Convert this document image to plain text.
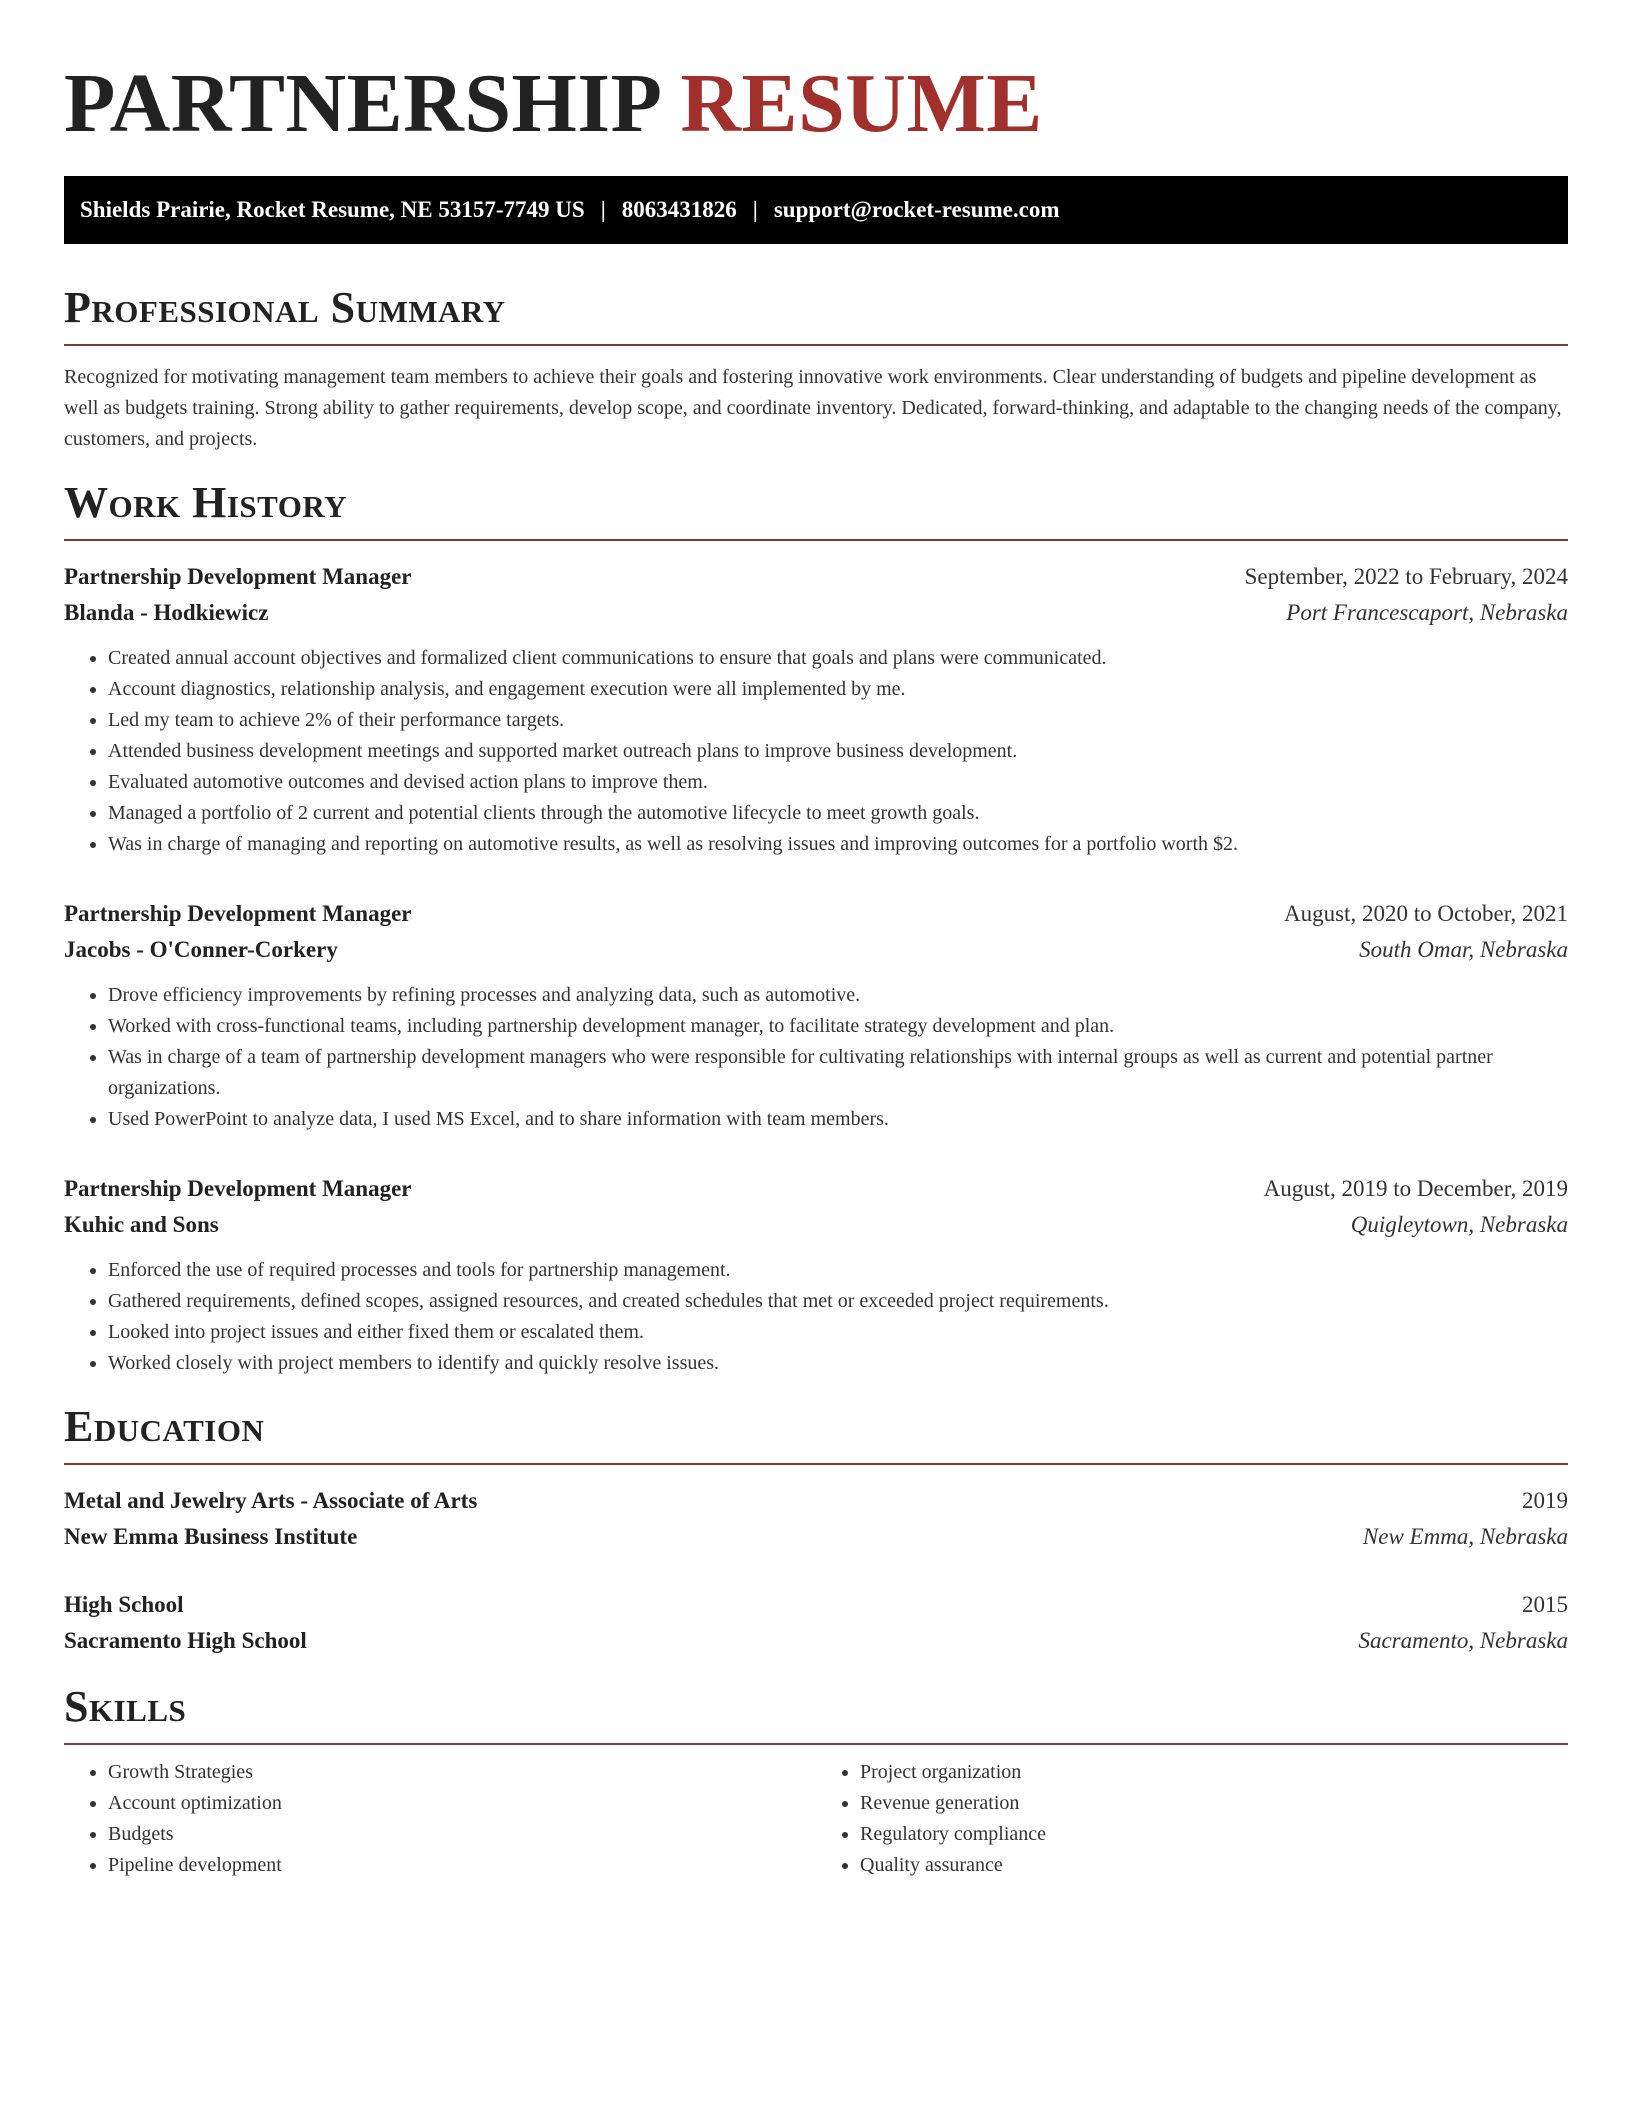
PARTNERSHIP RESUME
Shields Prairie, Rocket Resume, NE 53157-7749 US | 8063431826 | support@rocket-resume.com
Professional Summary

Recognized for motivating management team members to achieve their goals and fostering innovative work environments. Clear understanding of budgets and pipeline development as well as budgets training. Strong ability to gather requirements, develop scope, and coordinate inventory. Dedicated, forward-thinking, and adaptable to the changing needs of the company, customers, and projects.

Work History
Partnership Development Manager	September, 2022 to February, 2024
Blanda - Hodkiewicz	Port Francescaport, Nebraska
• Created annual account objectives and formalized client communications to ensure that goals and plans were communicated.
• Account diagnostics, relationship analysis, and engagement execution were all implemented by me.
• Led my team to achieve 2% of their performance targets.
• Attended business development meetings and supported market outreach plans to improve business development.
• Evaluated automotive outcomes and devised action plans to improve them.
• Managed a portfolio of 2 current and potential clients through the automotive lifecycle to meet growth goals.
• Was in charge of managing and reporting on automotive results, as well as resolving issues and improving outcomes for a portfolio worth $2.
Partnership Development Manager	August, 2020 to October, 2021
Jacobs - O'Conner-Corkery	South Omar, Nebraska
• Drove efficiency improvements by refining processes and analyzing data, such as automotive.
• Worked with cross-functional teams, including partnership development manager, to facilitate strategy development and plan.
• Was in charge of a team of partnership development managers who were responsible for cultivating relationships with internal groups as well as current and potential partner organizations.
• Used PowerPoint to analyze data, I used MS Excel, and to share information with team members.
Partnership Development Manager	August, 2019 to December, 2019
Kuhic and Sons	Quigleytown, Nebraska
• Enforced the use of required processes and tools for partnership management.
• Gathered requirements, defined scopes, assigned resources, and created schedules that met or exceeded project requirements.
• Looked into project issues and either fixed them or escalated them.
• Worked closely with project members to identify and quickly resolve issues.
Education
Metal and Jewelry Arts - Associate of Arts	2019
New Emma Business Institute	New Emma, Nebraska
High School	2015
Sacramento High School	Sacramento, Nebraska
Skills
• Growth Strategies
• Account optimization
• Budgets
• Pipeline development
• Project organization
• Revenue generation
• Regulatory compliance
• Quality assurance
